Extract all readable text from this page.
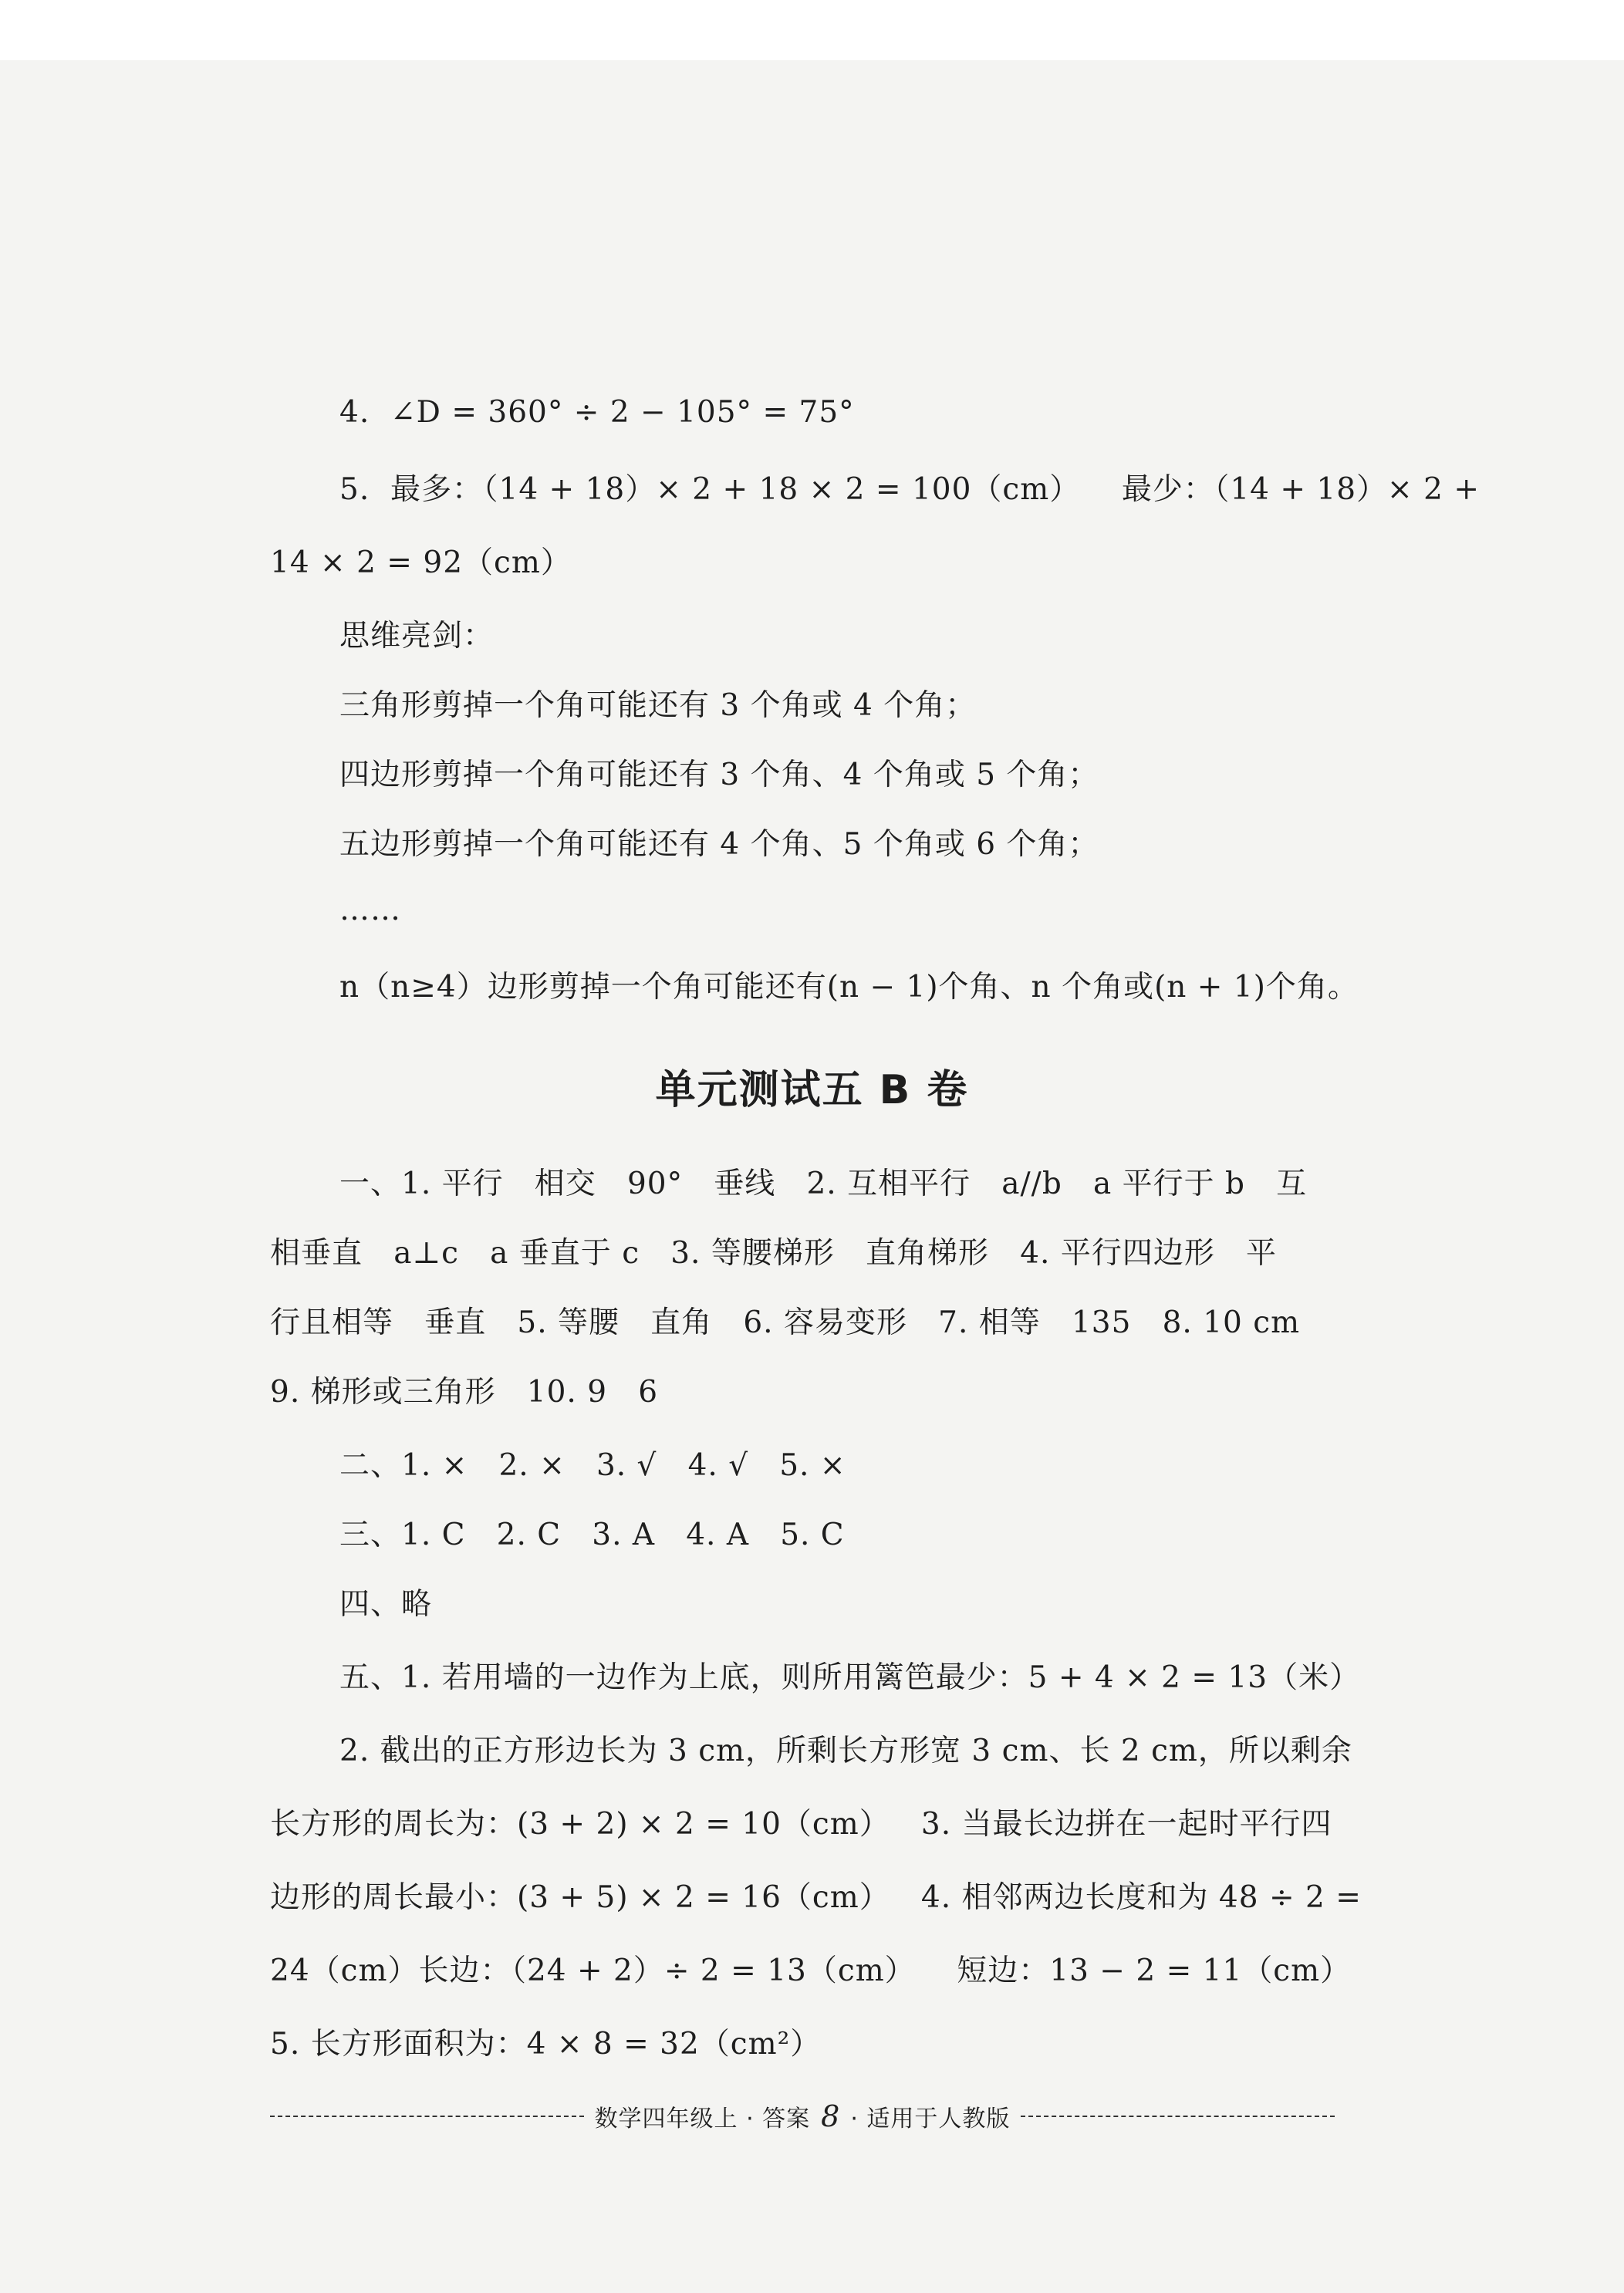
4.  ∠D = 360° ÷ 2 − 105° = 75°
5.  最多：（14 + 18）× 2 + 18 × 2 = 100（cm）    最少：（14 + 18）× 2 +
14 × 2 = 92（cm）
思维亮剑：
三角形剪掉一个角可能还有 3 个角或 4 个角；
四边形剪掉一个角可能还有 3 个角、4 个角或 5 个角；
五边形剪掉一个角可能还有 4 个角、5 个角或 6 个角；
……
n（n≥4）边形剪掉一个角可能还有(n − 1)个角、n 个角或(n + 1)个角。
单元测试五 B 卷
一、1. 平行   相交   90°   垂线   2. 互相平行   a//b   a 平行于 b   互
相垂直   a⊥c   a 垂直于 c   3. 等腰梯形   直角梯形   4. 平行四边形   平
行且相等   垂直   5. 等腰   直角   6. 容易变形   7. 相等   135   8. 10 cm
9. 梯形或三角形   10. 9   6
二、1. ×   2. ×   3. √   4. √   5. ×
三、1. C   2. C   3. A   4. A   5. C
四、略
五、1. 若用墙的一边作为上底，则所用篱笆最少：5 + 4 × 2 = 13（米）
2. 截出的正方形边长为 3 cm，所剩长方形宽 3 cm、长 2 cm，所以剩余
长方形的周长为：(3 + 2) × 2 = 10（cm）   3. 当最长边拼在一起时平行四
边形的周长最小：(3 + 5) × 2 = 16（cm）   4. 相邻两边长度和为 48 ÷ 2 =
24（cm）长边：（24 + 2）÷ 2 = 13（cm）    短边：13 − 2 = 11（cm）
5. 长方形面积为：4 × 8 = 32（cm²）
数学四年级上 · 答案 8 · 适用于人教版
